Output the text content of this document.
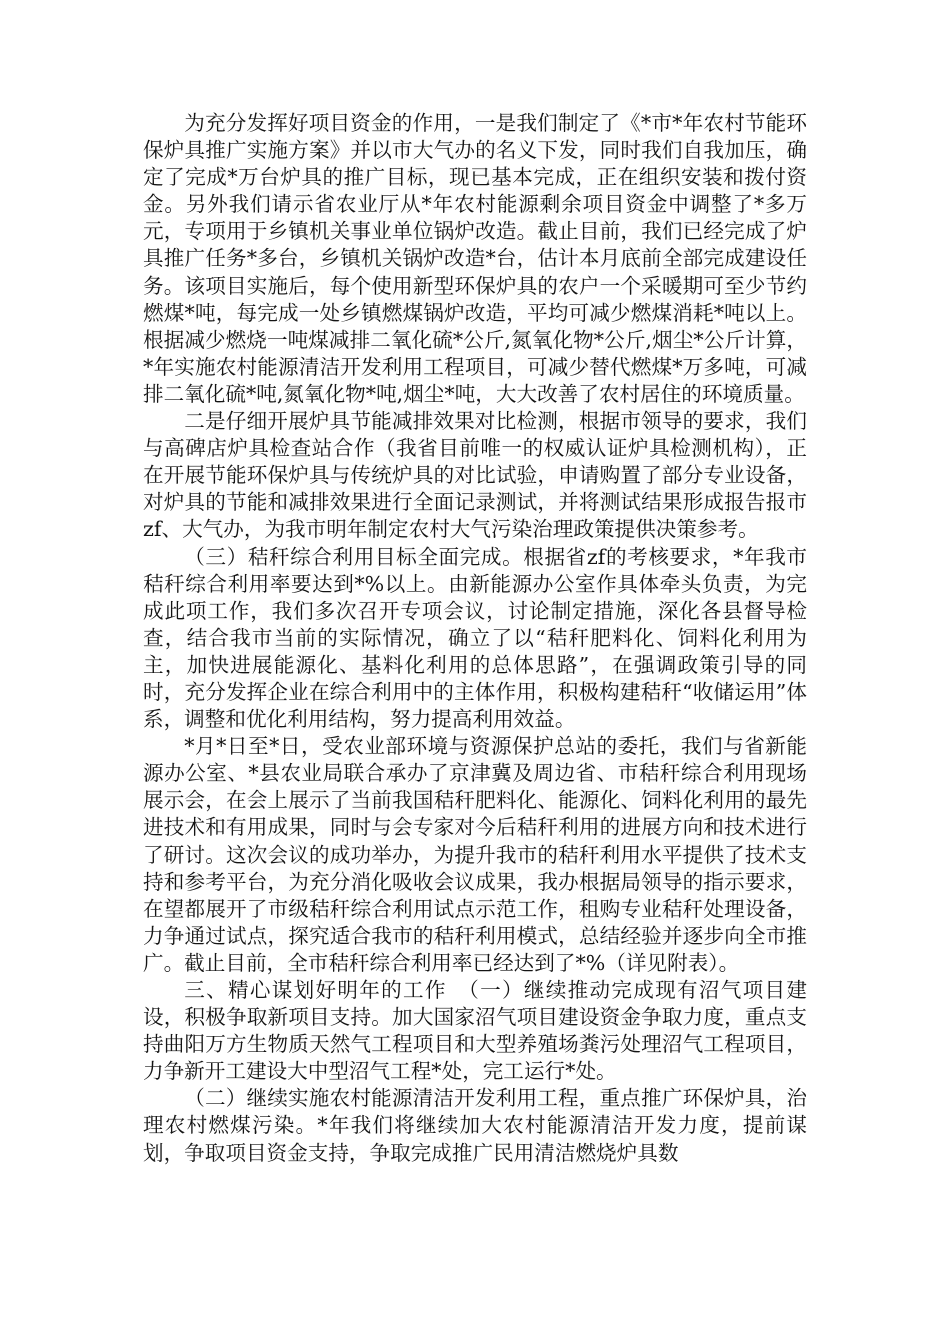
为充分发挥好项目资金的作用，一是我们制定了《*市*年农村节能环保炉具推广实施方案》并以市大气办的名义下发，同时我们自我加压，确定了完成*万台炉具的推广目标，现已基本完成，正在组织安装和拨付资金。另外我们请示省农业厅从*年农村能源剩余项目资金中调整了*多万元，专项用于乡镇机关事业单位锅炉改造。截止目前，我们已经完成了炉具推广任务*多台，乡镇机关锅炉改造*台，估计本月底前全部完成建设任务。该项目实施后，每个使用新型环保炉具的农户一个采暖期可至少节约燃煤*吨，每完成一处乡镇燃煤锅炉改造，平均可减少燃煤消耗*吨以上。根据减少燃烧一吨煤减排二氧化硫*公斤,氮氧化物*公斤,烟尘*公斤计算，*年实施农村能源清洁开发利用工程项目，可减少替代燃煤*万多吨，可减排二氧化硫*吨,氮氧化物*吨,烟尘*吨，大大改善了农村居住的环境质量。

二是仔细开展炉具节能减排效果对比检测，根据市领导的要求，我们与高碑店炉具检查站合作（我省目前唯一的权威认证炉具检测机构），正在开展节能环保炉具与传统炉具的对比试验，申请购置了部分专业设备，对炉具的节能和减排效果进行全面记录测试，并将测试结果形成报告报市zf、大气办，为我市明年制定农村大气污染治理政策提供决策参考。

（三）秸秆综合利用目标全面完成。根据省zf的考核要求，*年我市秸秆综合利用率要达到*%以上。由新能源办公室作具体牵头负责，为完成此项工作，我们多次召开专项会议，讨论制定措施，深化各县督导检查，结合我市当前的实际情况，确立了以“秸秆肥料化、饲料化利用为主，加快进展能源化、基料化利用的总体思路”，在强调政策引导的同时，充分发挥企业在综合利用中的主体作用，积极构建秸秆“收储运用”体系，调整和优化利用结构，努力提高利用效益。

*月*日至*日，受农业部环境与资源保护总站的委托，我们与省新能源办公室、*县农业局联合承办了京津冀及周边省、市秸秆综合利用现场展示会，在会上展示了当前我国秸秆肥料化、能源化、饲料化利用的最先进技术和有用成果，同时与会专家对今后秸秆利用的进展方向和技术进行了研讨。这次会议的成功举办，为提升我市的秸秆利用水平提供了技术支持和参考平台，为充分消化吸收会议成果，我办根据局领导的指示要求，在望都展开了市级秸秆综合利用试点示范工作，租购专业秸秆处理设备，力争通过试点，探究适合我市的秸秆利用模式，总结经验并逐步向全市推广。截止目前，全市秸秆综合利用率已经达到了*%（详见附表）。

三、精心谋划好明年的工作　（一）继续推动完成现有沼气项目建设，积极争取新项目支持。加大国家沼气项目建设资金争取力度，重点支持曲阳万方生物质天然气工程项目和大型养殖场粪污处理沼气工程项目，力争新开工建设大中型沼气工程*处，完工运行*处。

（二）继续实施农村能源清洁开发利用工程，重点推广环保炉具，治理农村燃煤污染。*年我们将继续加大农村能源清洁开发力度，提前谋划，争取项目资金支持，争取完成推广民用清洁燃烧炉具数
